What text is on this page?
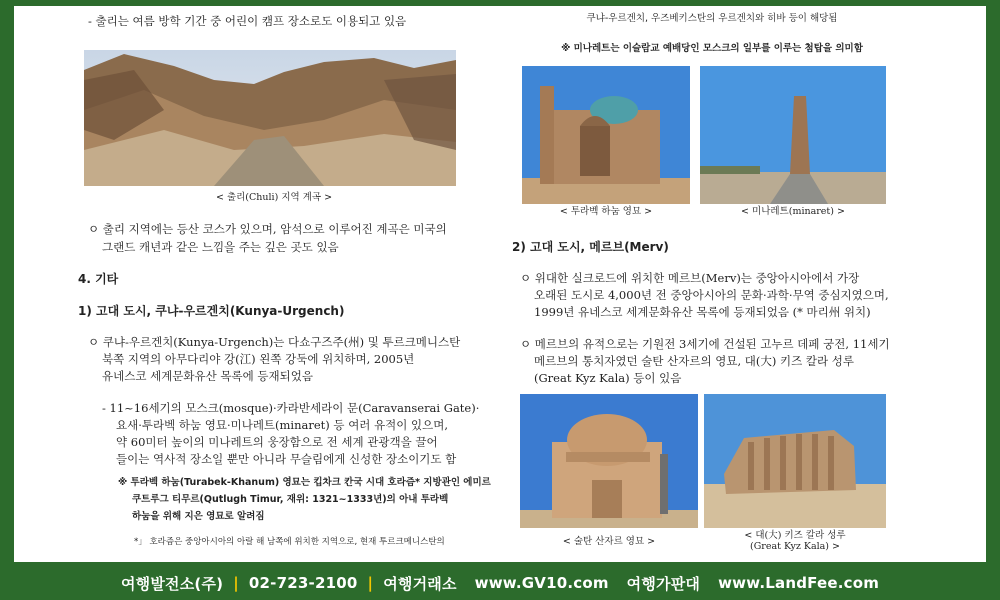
- 출리는 여름 방학 기간 중 어린이 캠프 장소로도 이용되고 있음
< 출리(Chuli) 지역 계곡 >
ㅇ 출리 지역에는 등산 코스가 있으며, 암석으로 이루어진 계곡은 미국의
그랜드 캐년과 같은 느낌을 주는 깊은 곳도 있음
4. 기타
1) 고대 도시, 쿠냐-우르겐치(Kunya-Urgench)
ㅇ 쿠냐-우르겐치(Kunya-Urgench)는 다쇼구즈주(州) 및 투르크메니스탄
북쪽 지역의 아무다리야 강(江) 왼쪽 강둑에 위치하며, 2005년
유네스코 세계문화유산 목록에 등재되었음
- 11~16세기의 모스크(mosque)·카라반세라이 문(Caravanserai Gate)·
요새·투라벡 하눔 영묘·미나레트(minaret) 등 여러 유적이 있으며,
약 60미터 높이의 미나레트의 웅장함으로 전 세계 관광객을 끌어
들이는 역사적 장소일 뿐만 아니라 무슬림에게 신성한 장소이기도 함
※ 투라벡 하눔(Turabek-Khanum) 영묘는 킵차크 칸국 시대 호라즘* 지방관인 에미르
쿠트루그 티무르(Qutlugh Timur, 재위: 1321~1333년)의 아내 투라벡
하눔을 위해 지은 영묘로 알려짐
*」 호라즘은 중앙아시아의 아랄 해 남쪽에 위치한 지역으로, 현재 투르크메니스탄의
쿠냐-우르겐치, 우즈베키스탄의 우르겐치와 히바 등이 해당됨
※ 미나레트는 이슬람교 예배당인 모스크의 일부를 이루는 첨탑을 의미함
< 투라벡 하눔 영묘 >	< 미나레트(minaret) >
2) 고대 도시, 메르브(Merv)
ㅇ 위대한 실크로드에 위치한 메르브(Merv)는 중앙아시아에서 가장
오래된 도시로 4,000년 전 중앙아시아의 문화·과학·무역 중심지였으며,
1999년 유네스코 세계문화유산 목록에 등재되었음 (* 마리州 위치)
ㅇ 메르브의 유적으로는 기원전 3세기에 건설된 고누르 데페 궁전, 11세기
메르브의 통치자였던 술탄 산자르의 영묘, 대(大) 키즈 칼라 성루
(Great Kyz Kala) 등이 있음
< 술탄 산자르 영묘 >
< 대(大) 키즈 칼라 성루
(Great Kyz Kala) >
여행발전소(주) | 02-723-2100 | 여행거래소 www.GV10.com 여행가판대 www.LandFee.com
